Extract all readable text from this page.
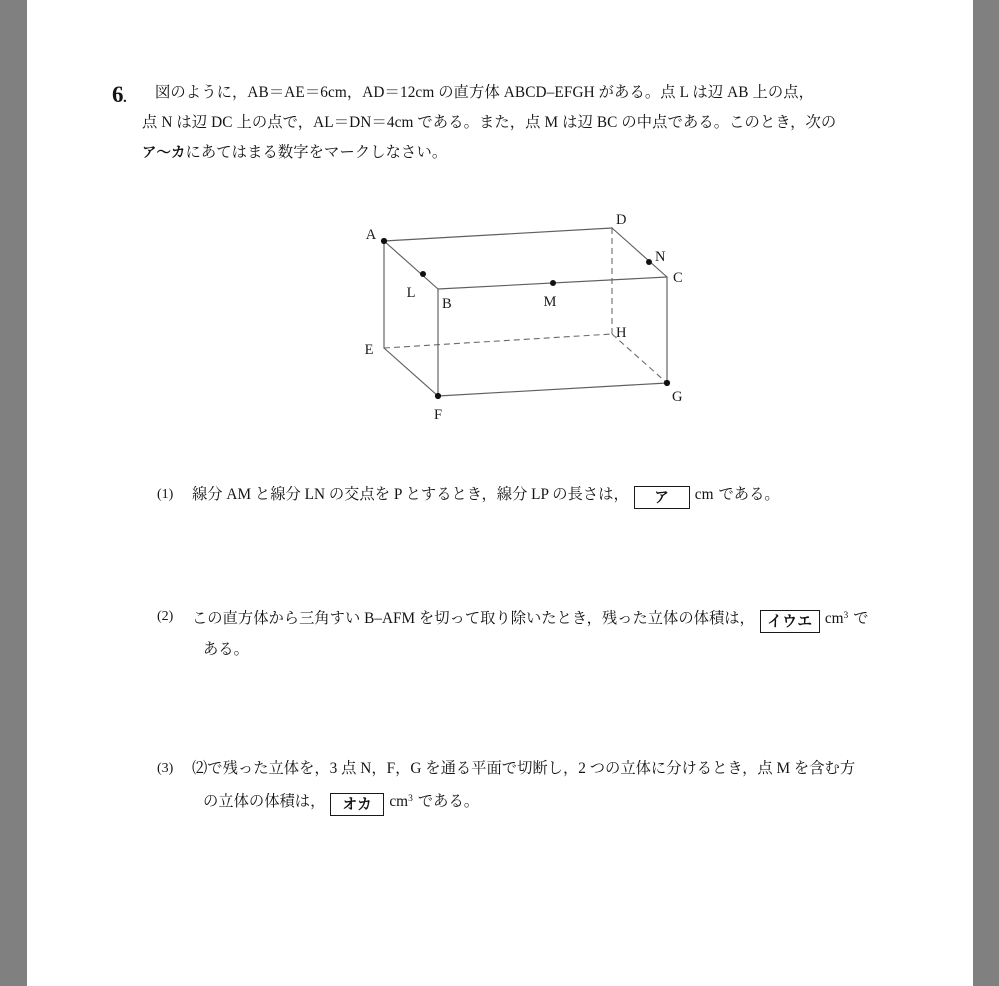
6. 図のように，AB＝AE＝6cm，AD＝12cm の直方体 ABCD–EFGH がある。点 L は辺 AB 上の点，
点 N は辺 DC 上の点で，AL＝DN＝4cm である。また，点 M は辺 BC の中点である。このとき，次の
ア～カにあてはまる数字をマークしなさい。
A
B
C
D
E
F
G
H
L
M
N
(1) 線分 AM と線分 LN の交点を P とするとき，線分 LP の長さは， ア cm である。
(2) この直方体から三角すい B–AFM を切って取り除いたとき，残った立体の体積は， イウエ $cm^3$ で
ある。
(3) ⑵で残った立体を，3 点 N，F，G を通る平面で切断し，2 つの立体に分けるとき，点 M を含む方
の立体の体積は， オカ $cm^3$ である。
